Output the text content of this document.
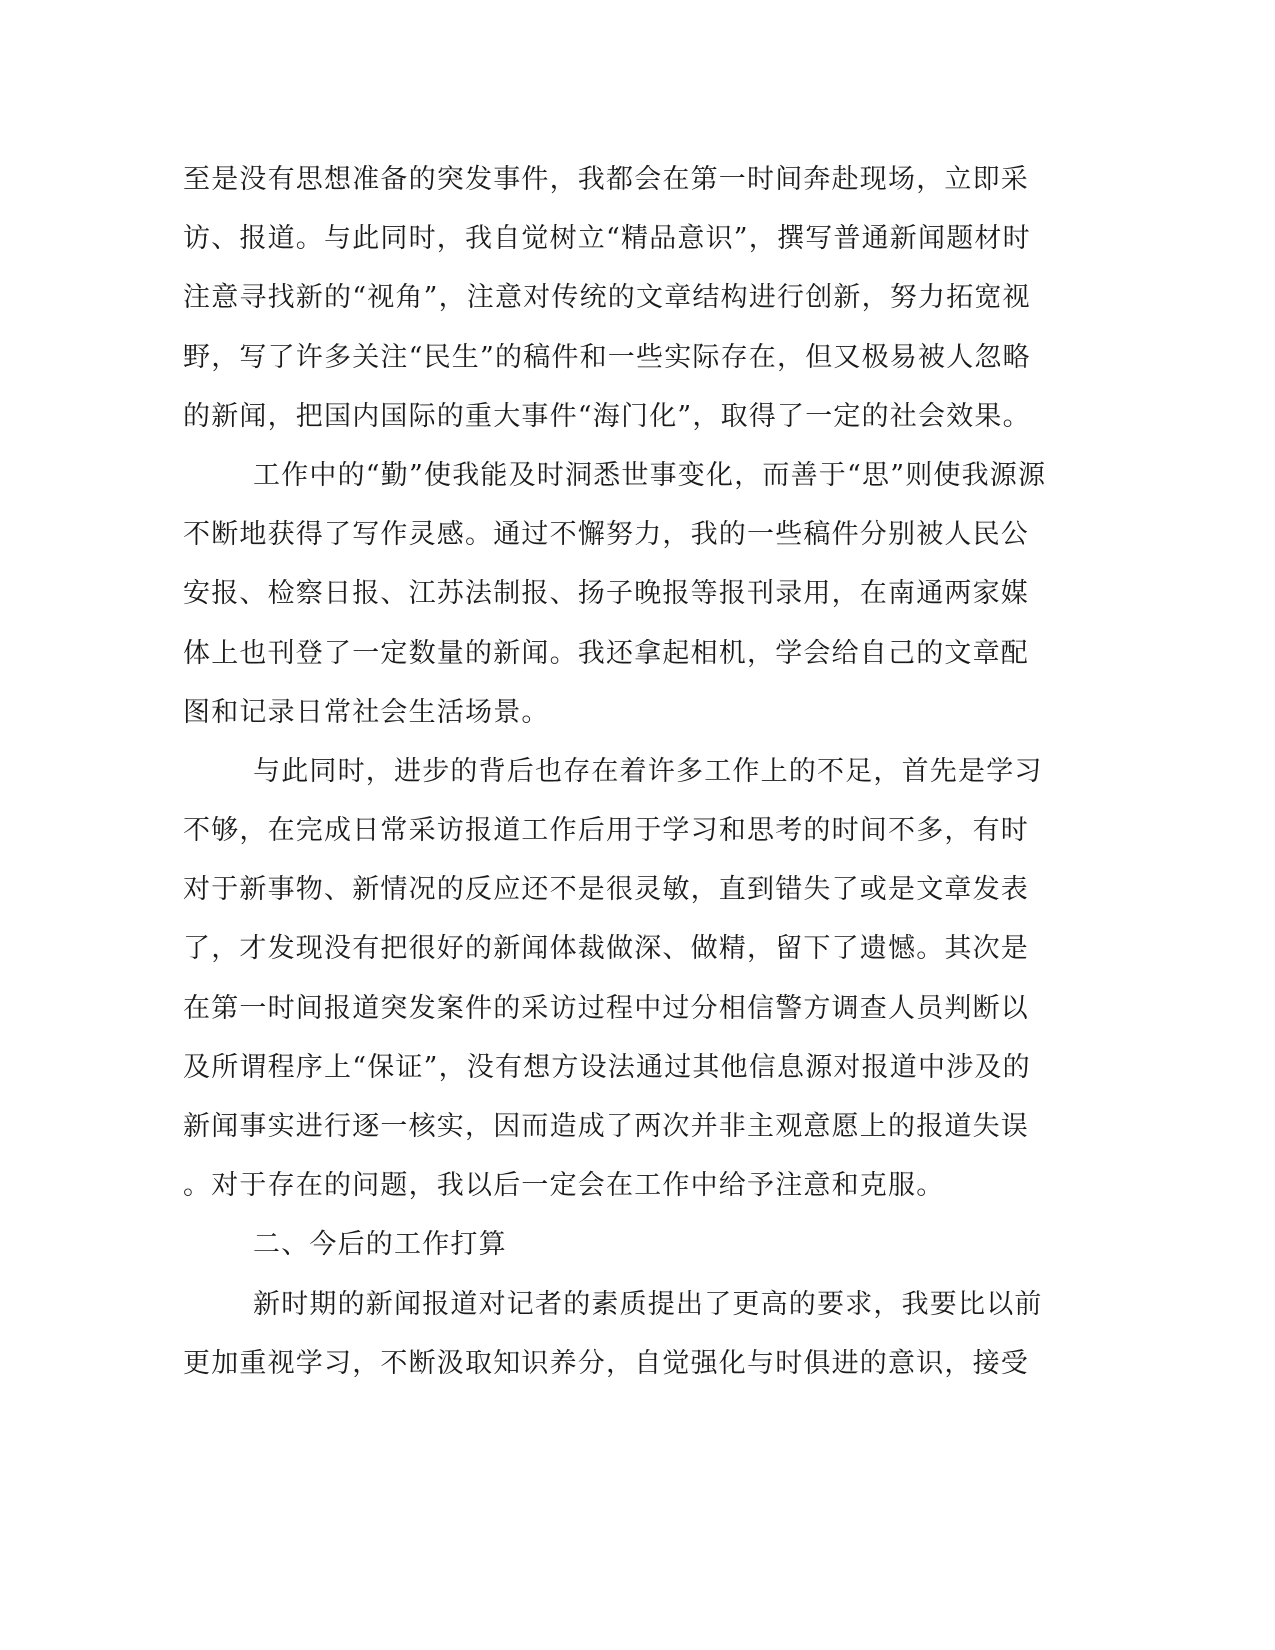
至是没有思想准备的突发事件，我都会在第一时间奔赴现场，立即采
访、报道。与此同时，我自觉树立“精品意识”，撰写普通新闻题材时
注意寻找新的“视角”，注意对传统的文章结构进行创新，努力拓宽视
野，写了许多关注“民生”的稿件和一些实际存在，但又极易被人忽略
的新闻，把国内国际的重大事件“海门化”，取得了一定的社会效果。
工作中的“勤”使我能及时洞悉世事变化，而善于“思”则使我源源
不断地获得了写作灵感。通过不懈努力，我的一些稿件分别被人民公
安报、检察日报、江苏法制报、扬子晚报等报刊录用，在南通两家媒
体上也刊登了一定数量的新闻。我还拿起相机，学会给自己的文章配
图和记录日常社会生活场景。
与此同时，进步的背后也存在着许多工作上的不足，首先是学习
不够，在完成日常采访报道工作后用于学习和思考的时间不多，有时
对于新事物、新情况的反应还不是很灵敏，直到错失了或是文章发表
了，才发现没有把很好的新闻体裁做深、做精，留下了遗憾。其次是
在第一时间报道突发案件的采访过程中过分相信警方调查人员判断以
及所谓程序上“保证”，没有想方设法通过其他信息源对报道中涉及的
新闻事实进行逐一核实，因而造成了两次并非主观意愿上的报道失误
。对于存在的问题，我以后一定会在工作中给予注意和克服。
二、今后的工作打算
新时期的新闻报道对记者的素质提出了更高的要求，我要比以前
更加重视学习，不断汲取知识养分，自觉强化与时俱进的意识，接受
